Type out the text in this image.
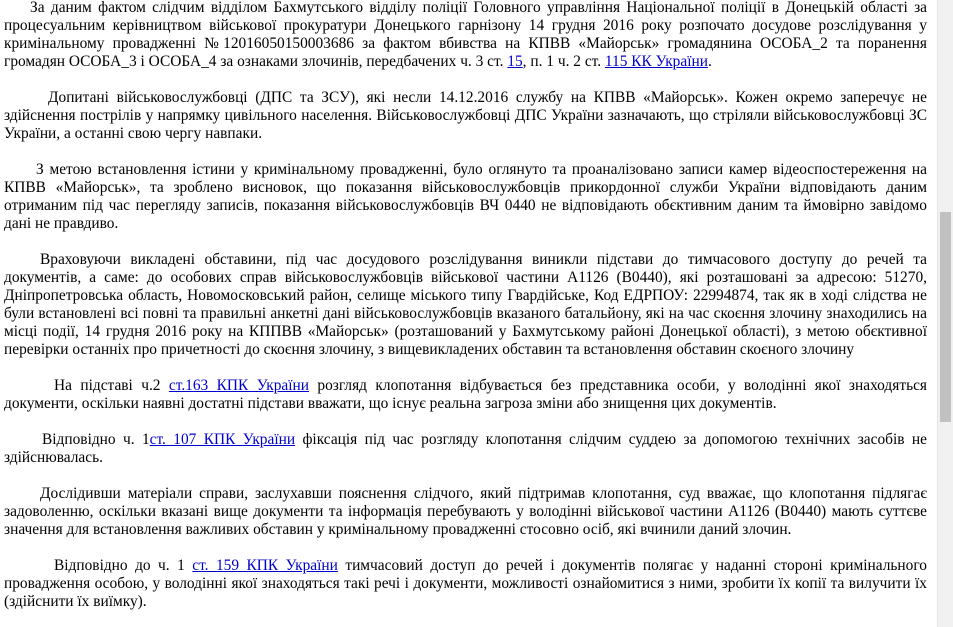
За даним фактом слідчим відділом Бахмутського відділу поліції Головного управління Національної поліції в Донецькій області за процесуальним керівництвом військової прокуратури Донецького гарнізону 14 грудня 2016 року розпочато досудове розслідування у кримінальному провадженні №12016050150003686 за фактом вбивства на КПВВ «Майорськ» громадянина ОСОБА_2 та поранення громадян ОСОБА_3 і ОСОБА_4 за ознаками злочинів, передбачених ч. 3 ст. 15, п. 1 ч. 2 ст. 115 КК України.

Допитані військовослужбовці (ДПС та ЗСУ), які несли 14.12.2016 службу на КПВВ «Майорськ». Кожен окремо заперечує не здійснення пострілів у напрямку цивільного населення. Військовослужбовці ДПС України зазначають, що стріляли військовослужбовці ЗС України, а останні свою чергу навпаки.

З метою встановлення істини у кримінальному провадженні, було оглянуто та проаналізовано записи камер відеоспостереження на КПВВ «Майорськ», та зроблено висновок, що показання військовослужбовців прикордонної служби України відповідають даним отриманим під час перегляду записів, показання військовослужбовців ВЧ 0440 не відповідають обєктивним даним та ймовірно завідомо дані не правдиво.

Враховуючи викладені обставини, під час досудового розслідування виникли підстави до тимчасового доступу до речей та документів, а саме: до особових справ військовослужбовців військової частини А1126 (В0440), які розташовані за адресою: 51270, Дніпропетровська область, Новомосковський район, селище міського типу Гвардійське, Код ЕДРПОУ: 22994874, так як в ході слідства не були встановлені всі повні та правильні анкетні дані військовослужбовців вказаного батальйону, які на час скоєння злочину знаходились на місці події, 14 грудня 2016 року на КППВВ «Майорськ» (розташований у Бахмутському районі Донецької області), з метою обєктивної перевірки останніх про причетності до скоєння злочину, з вищевикладених обставин та встановлення обставин скоєного злочину

На підставі ч.2 ст.163 КПК України розгляд клопотання відбувається без представника особи, у володінні якої знаходяться документи, оскільки наявні достатні підстави вважати, що існує реальна загроза зміни або знищення цих документів.

Відповідно ч. 1ст. 107 КПК України фіксація під час розгляду клопотання слідчим суддею за допомогою технічних засобів не здійснювалась.

Дослідивши матеріали справи, заслухавши пояснення слідчого, який підтримав клопотання, суд вважає, що клопотання підлягає задоволенню, оскільки вказані вище документи та інформація перебувають у володінні військової частини А1126 (В0440) мають суттєве значення для встановлення важливих обставин у кримінальному провадженні стосовно осіб, які вчинили даний злочин.

Відповідно до ч. 1 ст. 159 КПК України тимчасовий доступ до речей і документів полягає у наданні стороні кримінального провадження особою, у володінні якої знаходяться такі речі і документи, можливості ознайомитися з ними, зробити їх копії та вилучити їх (здійснити їх виїмку).
